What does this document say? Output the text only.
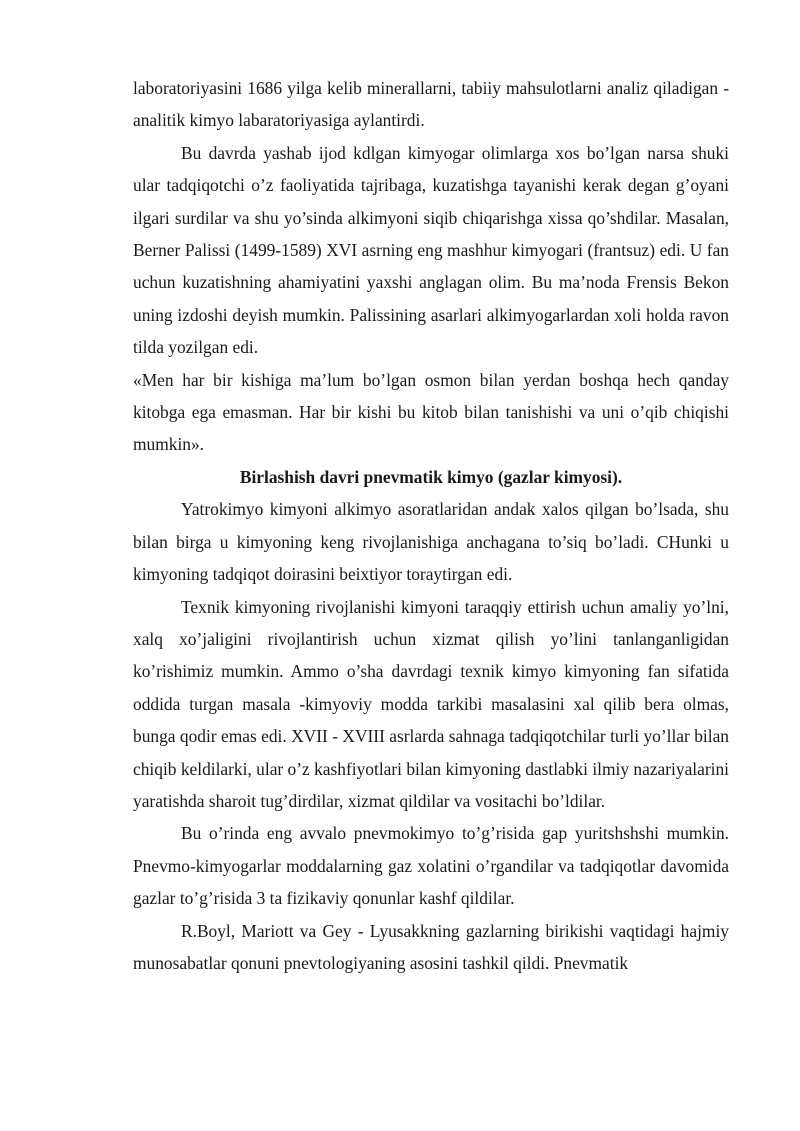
laboratoriyasini 1686 yilga kelib minerallarni, tabiiy mahsulotlarni analiz qiladigan - analitik kimyo labaratoriyasiga aylantirdi.

Bu davrda yashab ijod kdlgan kimyogar olimlarga xos bo’lgan narsa shuki ular tadqiqotchi o’z faoliyatida tajribaga, kuzatishga tayanishi kerak degan g’oyani ilgari surdilar va shu yo’sinda alkimyoni siqib chiqarishga xissa qo’shdilar. Masalan, Berner Palissi (1499-1589) XVI asrning eng mashhur kimyogari (frantsuz) edi. U fan uchun kuzatishning ahamiyatini yaxshi anglagan olim. Bu ma’noda Frensis Bekon uning izdoshi deyish mumkin. Palissining asarlari alkimyogarlardan xoli holda ravon tilda yozilgan edi.

«Men har bir kishiga ma’lum bo’lgan osmon bilan yerdan boshqa hech qanday kitobga ega emasman. Har bir kishi bu kitob bilan tanishishi va uni o’qib chiqishi mumkin».

Birlashish davri pnevmatik kimyo (gazlar kimyosi).

Yatrokimyo kimyoni alkimyo asoratlaridan andak xalos qilgan bo’lsada, shu bilan birga u kimyoning keng rivojlanishiga anchagana to’siq bo’ladi. CHunki u kimyoning tadqiqot doirasini beixtiyor toraytirgan edi.

Texnik kimyoning rivojlanishi kimyoni taraqqiy ettirish uchun amaliy yo’lni, xalq xo’jaligini rivojlantirish uchun xizmat qilish yo’lini tanlanganligidan ko’rishimiz mumkin. Ammo o’sha davrdagi texnik kimyo kimyoning fan sifatida oddida turgan masala -kimyoviy modda tarkibi masalasini xal qilib bera olmas, bunga qodir emas edi. XVII - XVIII asrlarda sahnaga tadqiqotchilar turli yo’llar bilan chiqib keldilarki, ular o’z kashfiyotlari bilan kimyoning dastlabki ilmiy nazariyalarini yaratishda sharoit tug’dirdilar, xizmat qildilar va vositachi bo’ldilar.

Bu o’rinda eng avvalo pnevmokimyo to’g’risida gap yuritshshshi mumkin. Pnevmo-kimyogarlar moddalarning gaz xolatini o’rgandilar va tadqiqotlar davomida gazlar to’g’risida 3 ta fizikaviy qonunlar kashf qildilar.

R.Boyl, Mariott va Gey - Lyusakkning gazlarning birikishi vaqtidagi hajmiy munosabatlar qonuni pnevtologiyaning asosini tashkil qildi. Pnevmatik
